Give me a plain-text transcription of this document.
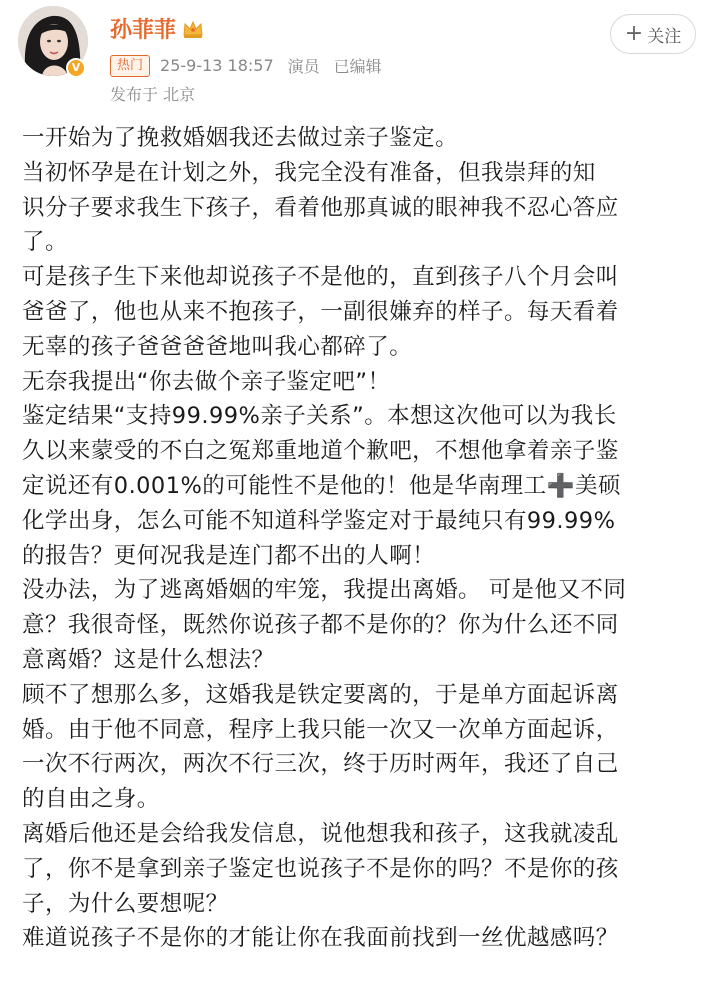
V
孙菲菲
热门	25-9-13 18:57 演员 已编辑
发布于 北京
+ 关注
一开始为了挽救婚姻我还去做过亲子鉴定。
当初怀孕是在计划之外，我完全没有准备，但我崇拜的知
识分子要求我生下孩子，看着他那真诚的眼神我不忍心答应
了。
可是孩子生下来他却说孩子不是他的，直到孩子八个月会叫
爸爸了，他也从来不抱孩子，一副很嫌弃的样子。每天看着
无辜的孩子爸爸爸爸地叫我心都碎了。
无奈我提出“你去做个亲子鉴定吧”！
鉴定结果“支持99.99%亲子关系”。本想这次他可以为我长
久以来蒙受的不白之冤郑重地道个歉吧，不想他拿着亲子鉴
定说还有0.001%的可能性不是他的！他是华南理工➕美硕
化学出身，怎么可能不知道科学鉴定对于最纯只有99.99%
的报告？更何况我是连门都不出的人啊！
没办法，为了逃离婚姻的牢笼，我提出离婚。 可是他又不同
意？我很奇怪，既然你说孩子都不是你的？你为什么还不同
意离婚？这是什么想法？
顾不了想那么多，这婚我是铁定要离的，于是单方面起诉离
婚。由于他不同意，程序上我只能一次又一次单方面起诉，
一次不行两次，两次不行三次，终于历时两年，我还了自己
的自由之身。
离婚后他还是会给我发信息，说他想我和孩子，这我就凌乱
了，你不是拿到亲子鉴定也说孩子不是你的吗？不是你的孩
子，为什么要想呢？
难道说孩子不是你的才能让你在我面前找到一丝优越感吗？
